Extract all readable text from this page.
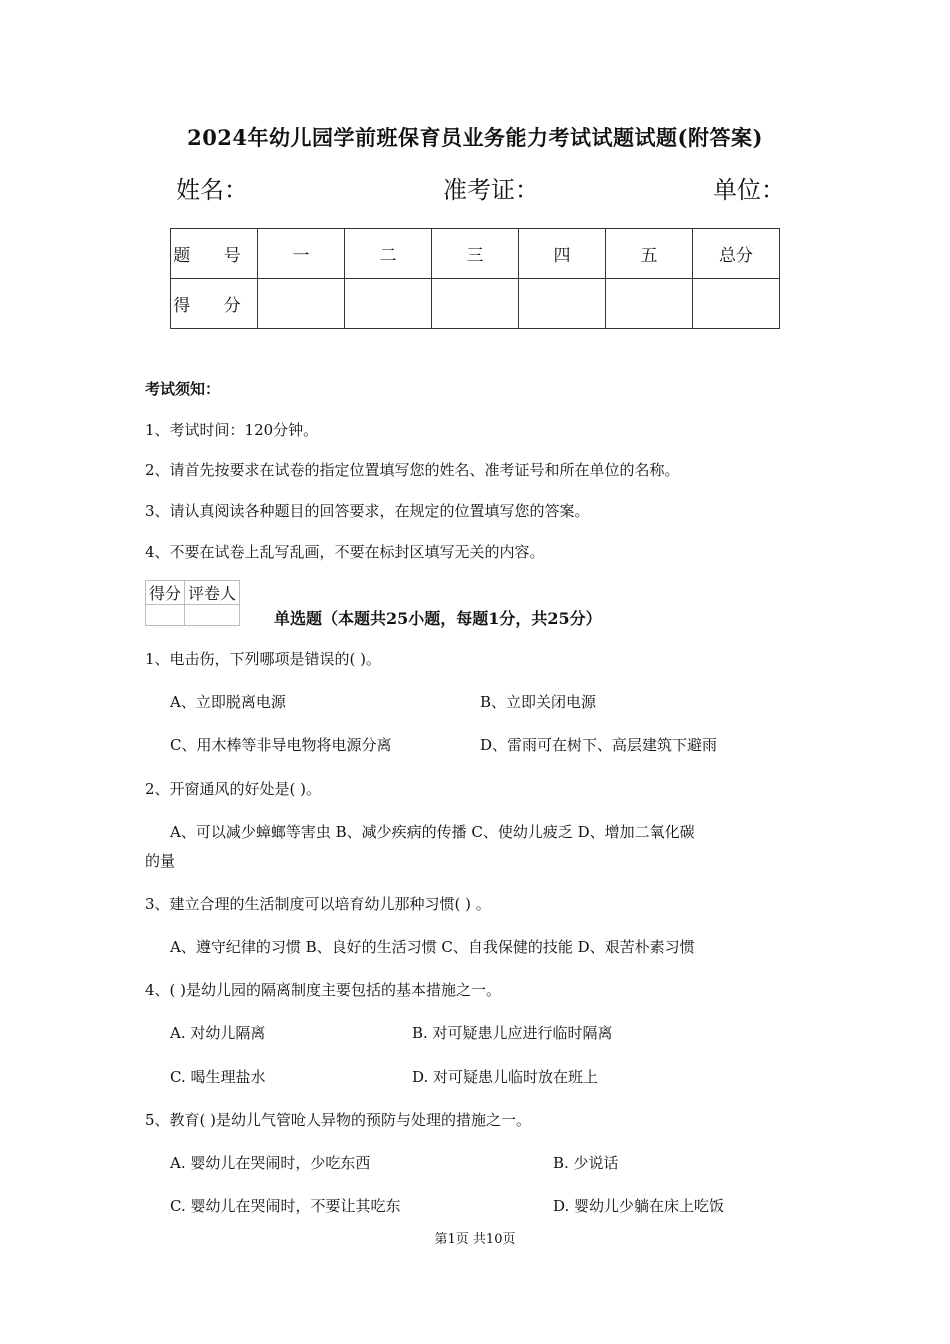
2024年幼儿园学前班保育员业务能力考试试题试题(附答案)
姓名：	准考证：	单位：
题 号	一	二	三	四	五	总分
得 分						
考试须知：
1、考试时间：120分钟。
2、请首先按要求在试卷的指定位置填写您的姓名、准考证号和所在单位的名称。
3、请认真阅读各种题目的回答要求，在规定的位置填写您的答案。
4、不要在试卷上乱写乱画，不要在标封区填写无关的内容。
得分	评卷人

单选题（本题共25小题，每题1分，共25分）
1、电击伤，下列哪项是错误的( )。
A、立即脱离电源	B、立即关闭电源
C、用木棒等非导电物将电源分离	D、雷雨可在树下、高层建筑下避雨
2、开窗通风的好处是( )。
A、可以减少蟑螂等害虫 B、减少疾病的传播 C、使幼儿疲乏 D、增加二氧化碳
的量
3、建立合理的生活制度可以培育幼儿那种习惯( ) 。
A、遵守纪律的习惯 B、良好的生活习惯 C、自我保健的技能 D、艰苦朴素习惯
4、( )是幼儿园的隔离制度主要包括的基本措施之一。
A. 对幼儿隔离	B. 对可疑患儿应进行临时隔离
C. 喝生理盐水	D. 对可疑患儿临时放在班上
5、教育( )是幼儿气管呛人异物的预防与处理的措施之一。
A. 婴幼儿在哭闹时，少吃东西	B. 少说话
C. 婴幼儿在哭闹时，不要让其吃东	D. 婴幼儿少躺在床上吃饭
第1页 共10页
